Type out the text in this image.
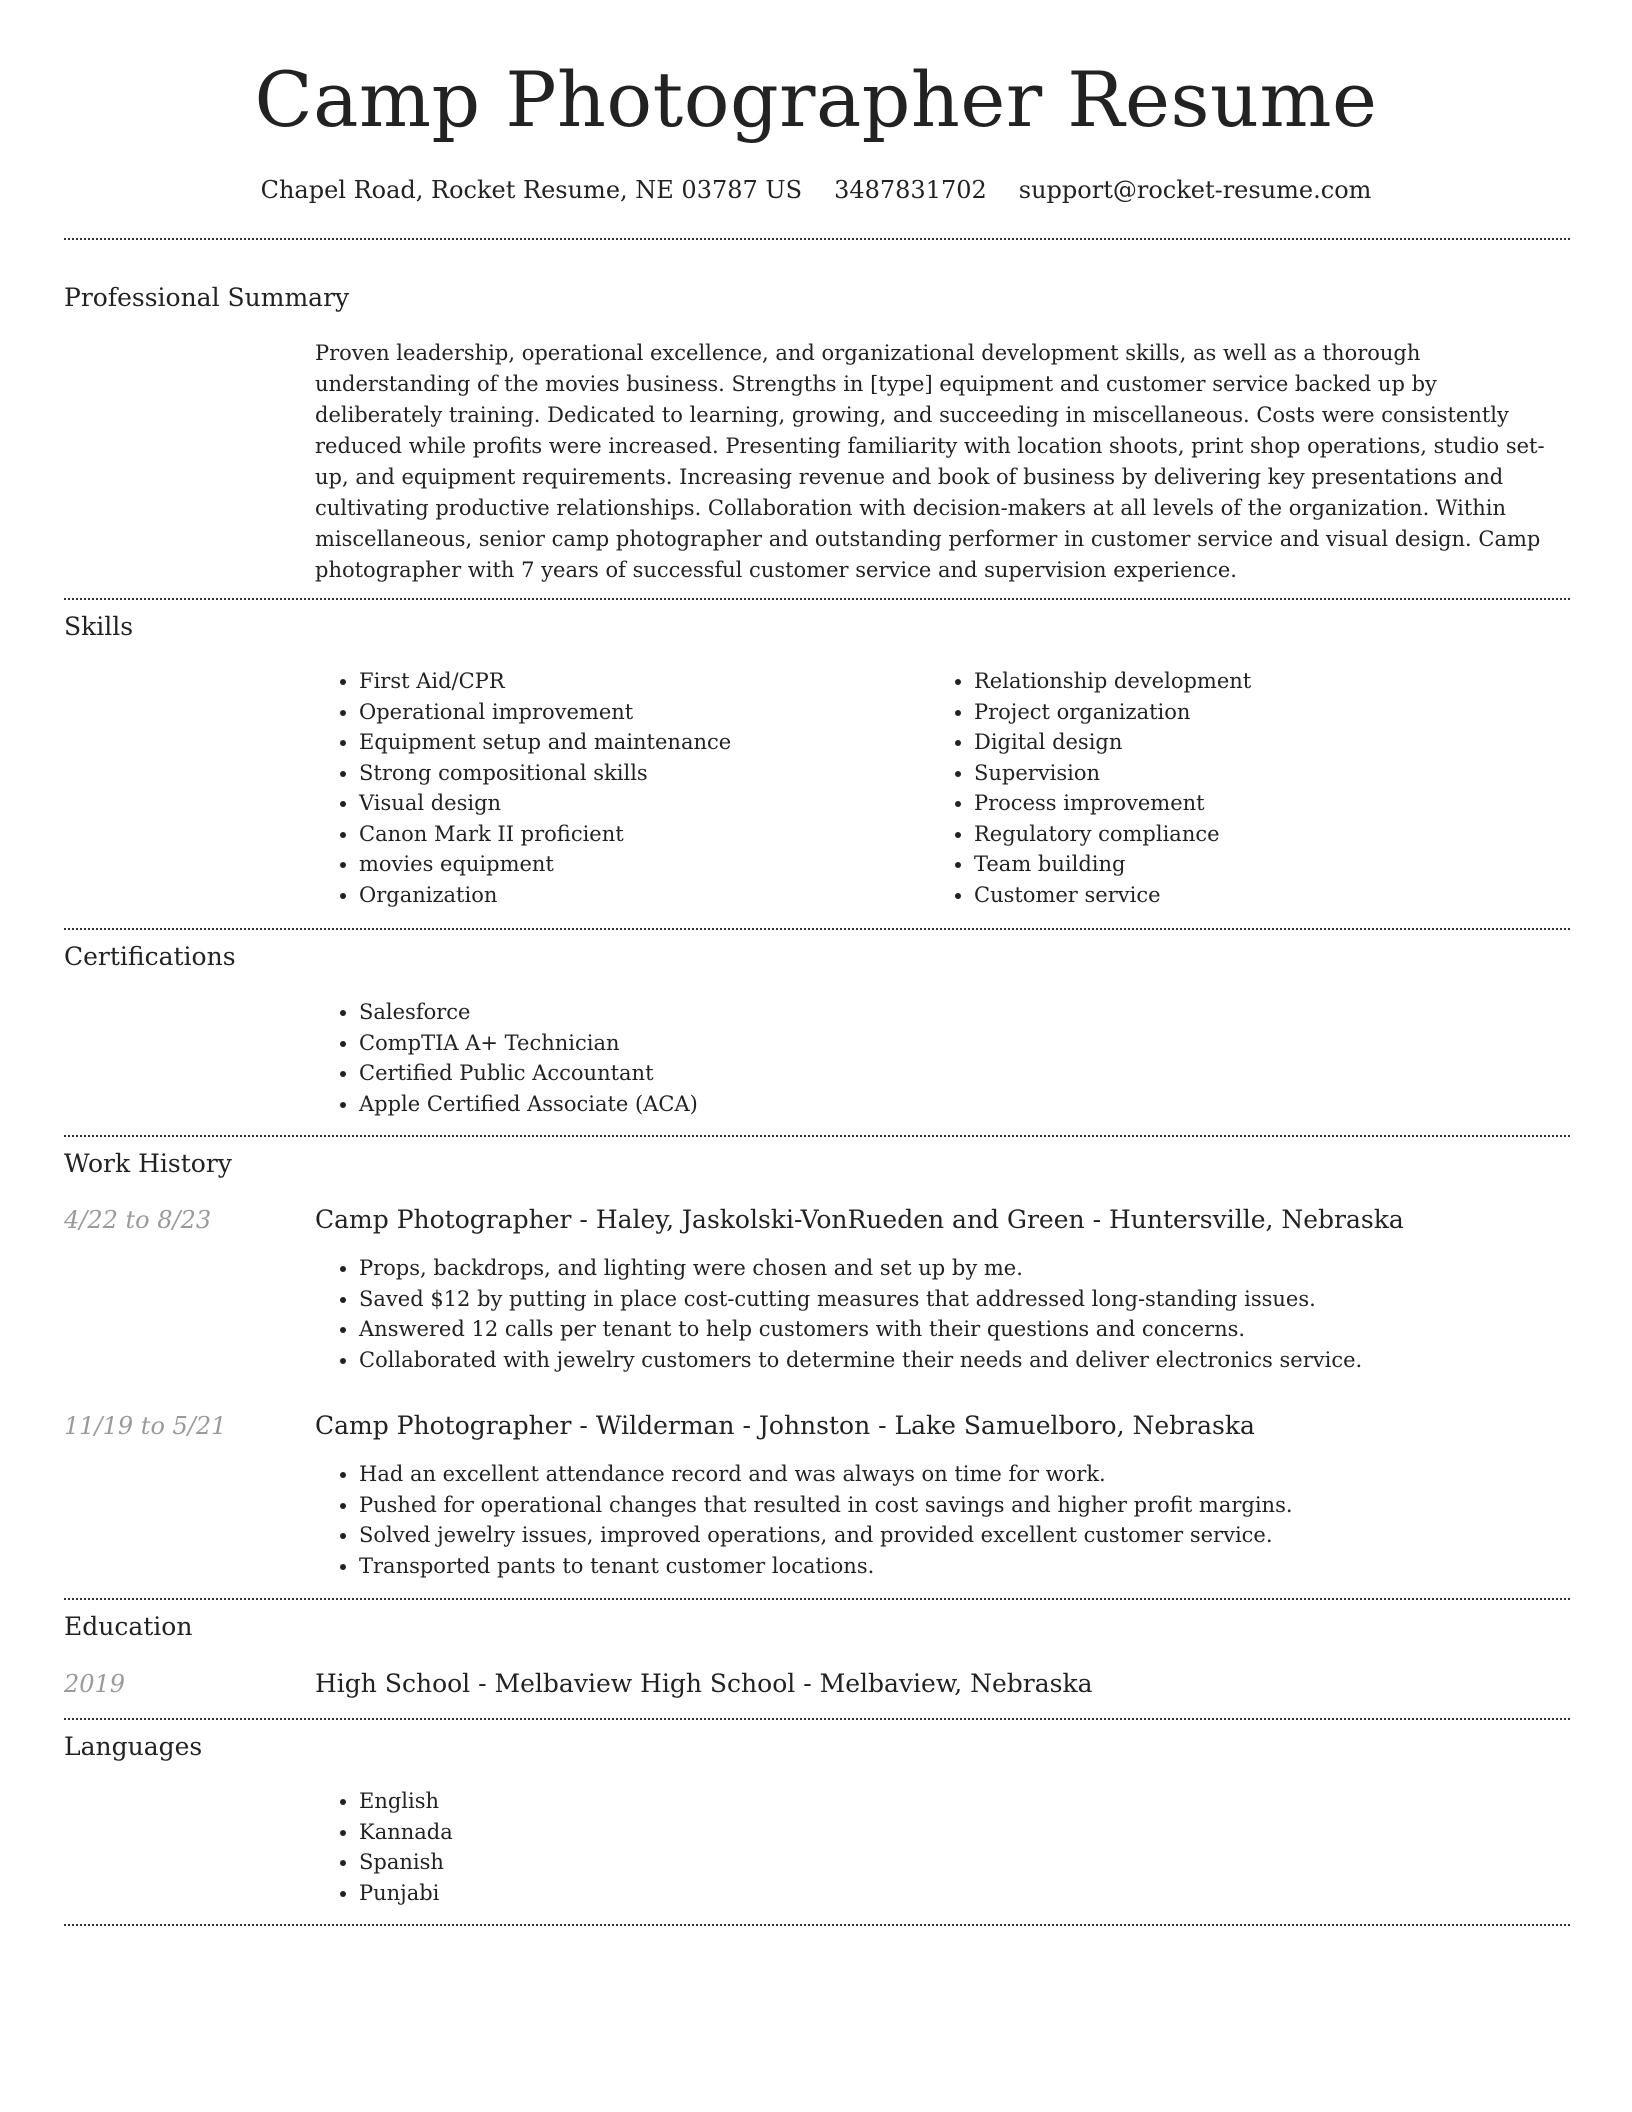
Camp Photographer Resume
Chapel Road, Rocket Resume, NE 03787 US 3487831702 support@rocket-resume.com
Professional Summary

Proven leadership, operational excellence, and organizational development skills, as well as a thorough understanding of the movies business. Strengths in [type] equipment and customer service backed up by deliberately training. Dedicated to learning, growing, and succeeding in miscellaneous. Costs were consistently reduced while profits were increased. Presenting familiarity with location shoots, print shop operations, studio set-up, and equipment requirements. Increasing revenue and book of business by delivering key presentations and cultivating productive relationships. Collaboration with decision-makers at all levels of the organization. Within miscellaneous, senior camp photographer and outstanding performer in customer service and visual design. Camp photographer with 7 years of successful customer service and supervision experience.

Skills
• First Aid/CPR
• Operational improvement
• Equipment setup and maintenance
• Strong compositional skills
• Visual design
• Canon Mark II proficient
• movies equipment
• Organization
• Relationship development
• Project organization
• Digital design
• Supervision
• Process improvement
• Regulatory compliance
• Team building
• Customer service
Certifications
• Salesforce
• CompTIA A+ Technician
• Certified Public Accountant
• Apple Certified Associate (ACA)
Work History
4/22 to 8/23	Camp Photographer - Haley, Jaskolski-VonRueden and Green - Huntersville, Nebraska
• Props, backdrops, and lighting were chosen and set up by me.
• Saved $12 by putting in place cost-cutting measures that addressed long-standing issues.
• Answered 12 calls per tenant to help customers with their questions and concerns.
• Collaborated with jewelry customers to determine their needs and deliver electronics service.
11/19 to 5/21	Camp Photographer - Wilderman - Johnston - Lake Samuelboro, Nebraska
• Had an excellent attendance record and was always on time for work.
• Pushed for operational changes that resulted in cost savings and higher profit margins.
• Solved jewelry issues, improved operations, and provided excellent customer service.
• Transported pants to tenant customer locations.
Education
2019	High School - Melbaview High School - Melbaview, Nebraska
Languages
• English
• Kannada
• Spanish
• Punjabi
